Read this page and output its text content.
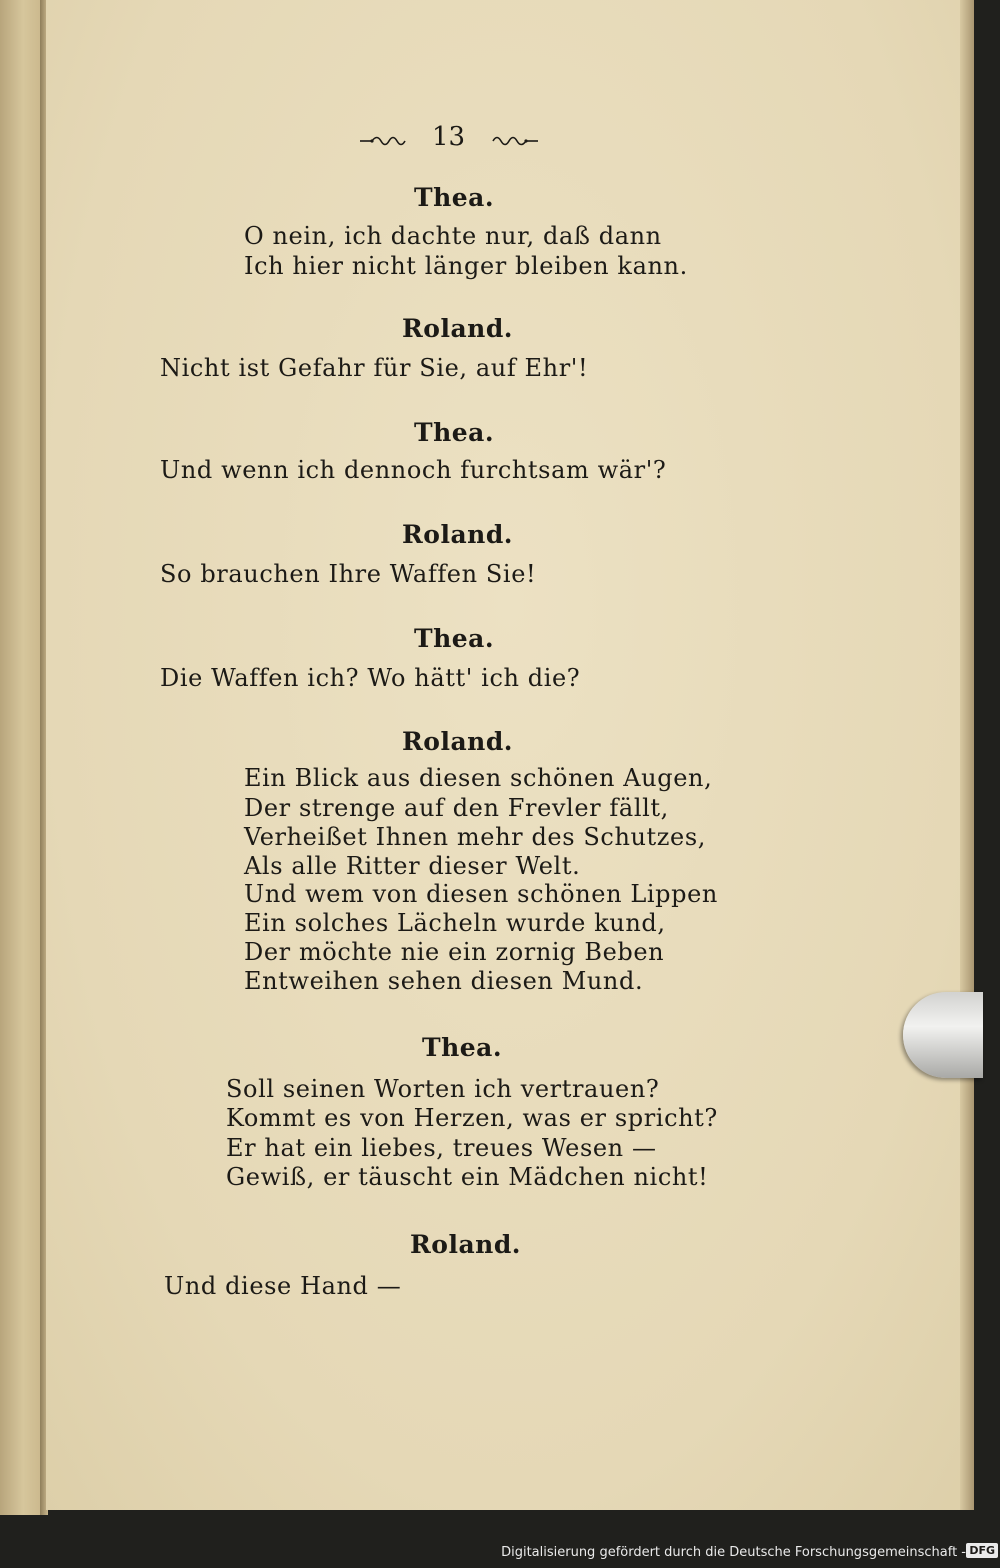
13
Thea.
O nein, ich dachte nur, daß dann
Ich hier nicht länger bleiben kann.
Roland.
Nicht ist Gefahr für Sie, auf Ehr'!
Thea.
Und wenn ich dennoch furchtsam wär'?
Roland.
So brauchen Ihre Waffen Sie!
Thea.
Die Waffen ich? Wo hätt' ich die?
Roland.
Ein Blick aus diesen schönen Augen,
Der strenge auf den Frevler fällt,
Verheißet Ihnen mehr des Schutzes,
Als alle Ritter dieser Welt.
Und wem von diesen schönen Lippen
Ein solches Lächeln wurde kund,
Der möchte nie ein zornig Beben
Entweihen sehen diesen Mund.
Thea.
Soll seinen Worten ich vertrauen?
Kommt es von Herzen, was er spricht?
Er hat ein liebes, treues Wesen —
Gewiß, er täuscht ein Mädchen nicht!
Roland.
Und diese Hand —
Digitalisierung gefördert durch die Deutsche Forschungsgemeinschaft - DFG
